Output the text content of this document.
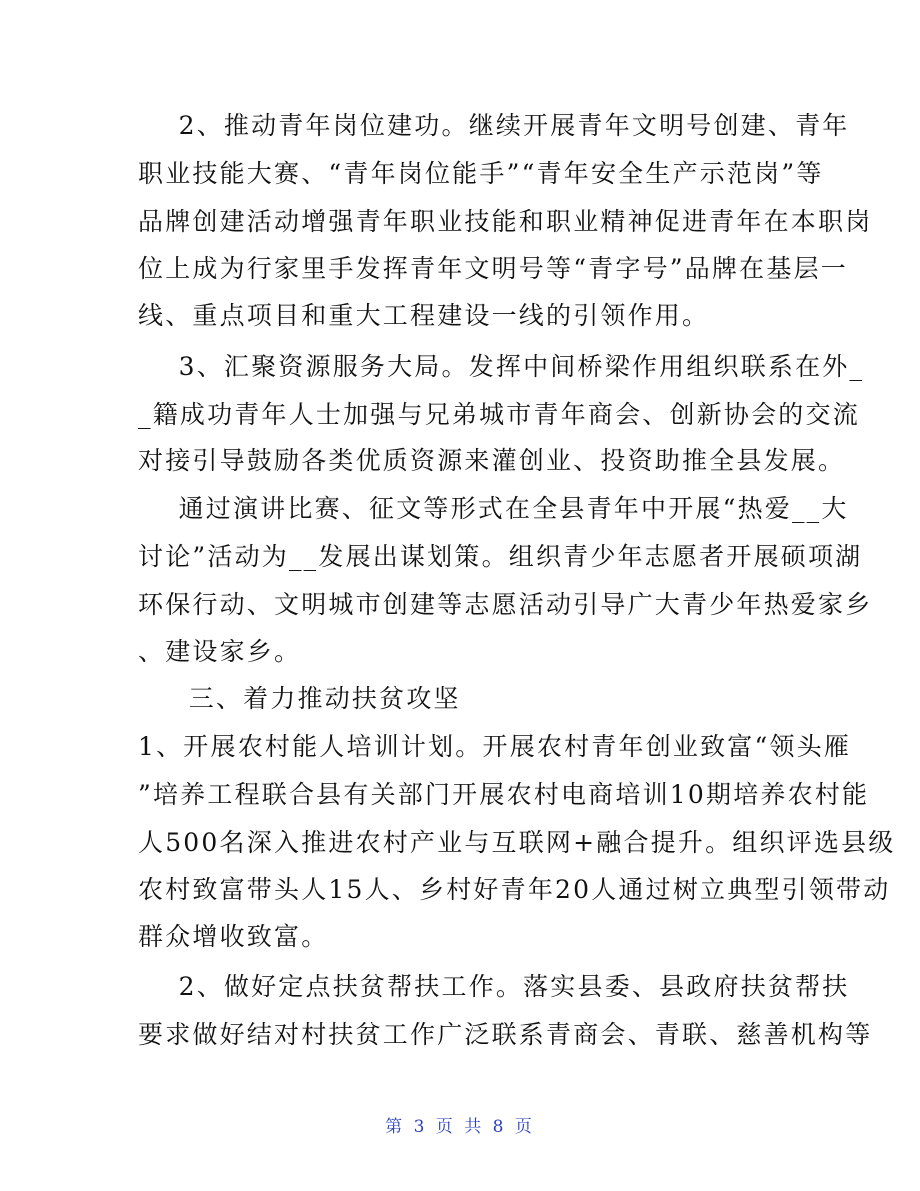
2、推动青年岗位建功。继续开展青年文明号创建、青年
职业技能大赛、“青年岗位能手”“青年安全生产示范岗”等
品牌创建活动增强青年职业技能和职业精神促进青年在本职岗
位上成为行家里手发挥青年文明号等“青字号”品牌在基层一
线、重点项目和重大工程建设一线的引领作用。
3、汇聚资源服务大局。发挥中间桥梁作用组织联系在外_
_籍成功青年人士加强与兄弟城市青年商会、创新协会的交流
对接引导鼓励各类优质资源来灌创业、投资助推全县发展。
通过演讲比赛、征文等形式在全县青年中开展“热爱__大
讨论”活动为__发展出谋划策。组织青少年志愿者开展硕项湖
环保行动、文明城市创建等志愿活动引导广大青少年热爱家乡
、建设家乡。
三、着力推动扶贫攻坚
1、开展农村能人培训计划。开展农村青年创业致富“领头雁
”培养工程联合县有关部门开展农村电商培训10期培养农村能
人500名深入推进农村产业与互联网+融合提升。组织评选县级
农村致富带头人15人、乡村好青年20人通过树立典型引领带动
群众增收致富。
2、做好定点扶贫帮扶工作。落实县委、县政府扶贫帮扶
要求做好结对村扶贫工作广泛联系青商会、青联、慈善机构等
第 3 页 共 8 页
